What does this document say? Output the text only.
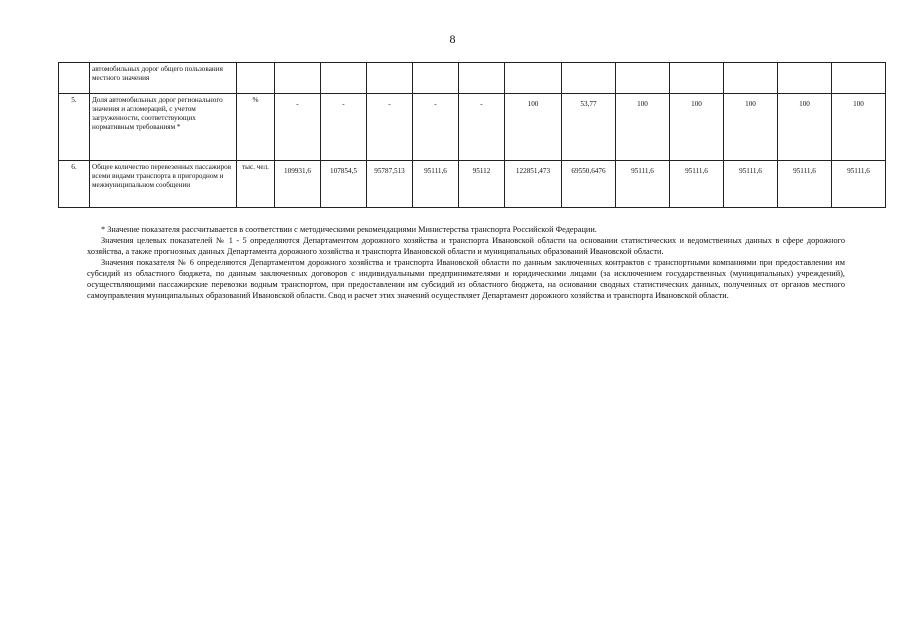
8
	автомобильных дорог общего пользования местного значения													
5.	Доля автомобильных дорог регионального значения и агломераций, с учетом загруженности, соответствующих нормативным требованиям *	%	-	-	-	-	-	100	53,77	100	100	100	100	100
6.	Общее количество перевезенных пассажиров всеми видами транспорта в пригородном и межмуниципальном сообщении	тыс. чел.	109931,6	107854,5	95787,513	95111,6	95112	122851,473	69550,6476	95111,6	95111,6	95111,6	95111,6	95111,6

* Значение показателя рассчитывается в соответствии с методическими рекомендациями Министерства транспорта Российской Федерации.

Значения целевых показателей № 1 - 5 определяются Департаментом дорожного хозяйства и транспорта Ивановской области на основании статистических и ведомственных данных в сфере дорожного хозяйства, а также прогнозных данных Департамента дорожного хозяйства и транспорта Ивановской области и муниципальных образований Ивановской области.

Значения показателя № 6 определяются Департаментом дорожного хозяйства и транспорта Ивановской области по данным заключенных контрактов с транспортными компаниями при предоставлении им субсидий из областного бюджета, по данным заключенных договоров с индивидуальными предпринимателями и юридическими лицами (за исключением государственных (муниципальных) учреждений), осуществляющими пассажирские перевозки водным транспортом, при предоставлении им субсидий из областного бюджета, на основании сводных статистических данных, полученных от органов местного самоуправления муниципальных образований Ивановской области. Свод и расчет этих значений осуществляет Департамент дорожного хозяйства и транспорта Ивановской области.
